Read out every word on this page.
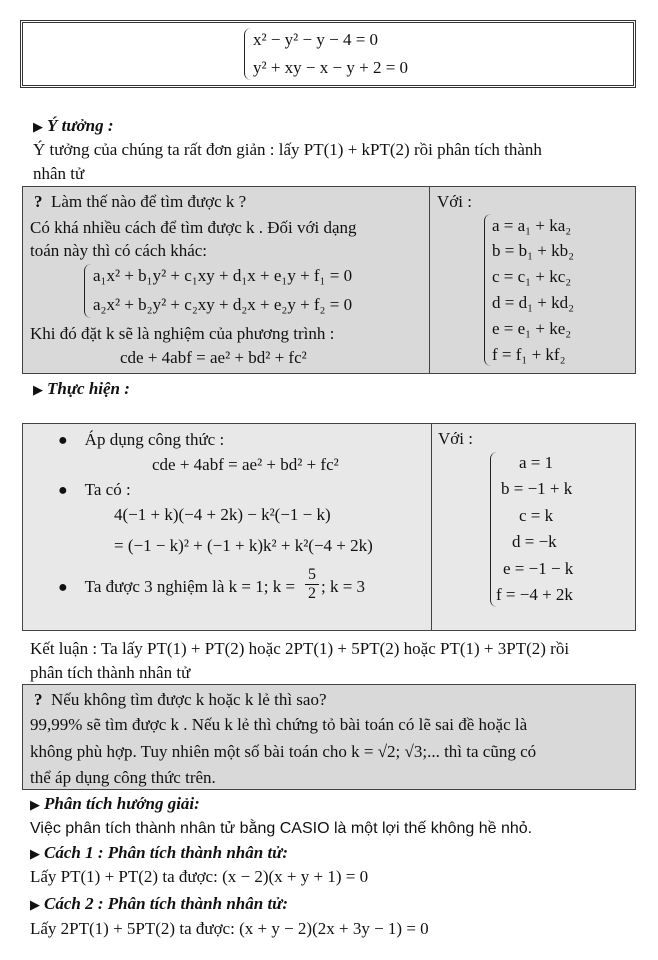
x² − y² − y − 4 = 0
y² + xy − x − y + 2 = 0
▶ Ý tưởng :
Ý tưởng của chúng ta rất đơn giản : lấy PT(1) + kPT(2) rồi phân tích thành
nhân tử
? Làm thế nào để tìm được k ?
Có khá nhiều cách để tìm được k . Đối với dạng
toán này thì có cách khác:
a₁x² + b₁y² + c₁xy + d₁x + e₁y + f₁ = 0
a₂x² + b₂y² + c₂xy + d₂x + e₂y + f₂ = 0
Khi đó đặt k sẽ là nghiệm của phương trình :
cde + 4abf = ae² + bd² + fc²
Với :
a = a₁ + ka₂
b = b₁ + kb₂
c = c₁ + kc₂
d = d₁ + kd₂
e = e₁ + ke₂
f = f₁ + kf₂
▶ Thực hiện :
● Áp dụng công thức :
cde + 4abf = ae² + bd² + fc²
● Ta có :
4(−1 + k)(−4 + 2k) − k²(−1 − k)
= (−1 − k)² + (−1 + k)k² + k²(−4 + 2k)
● Ta được 3 nghiệm là k = 1; $k = \frac{5}{2}$ ; k = 3
Với :
a = 1
b = −1 + k
c = k
d = −k
e = −1 − k
f = −4 + 2k
Kết luận : Ta lấy PT(1) + PT(2) hoặc 2PT(1) + 5PT(2) hoặc PT(1) + 3PT(2) rồi
phân tích thành nhân tử
? Nếu không tìm được k hoặc k lẻ thì sao?
99,99% sẽ tìm được k . Nếu k lẻ thì chứng tỏ bài toán có lẽ sai đề hoặc là
không phù hợp. Tuy nhiên một số bài toán cho k = √2; √3;... thì ta cũng có
thể áp dụng công thức trên.
▶ Phân tích hướng giải:
Việc phân tích thành nhân tử bằng CASIO là một lợi thế không hề nhỏ.
▶ Cách 1 : Phân tích thành nhân tử:
Lấy PT(1) + PT(2) ta được: (x − 2)(x + y + 1) = 0
▶ Cách 2 : Phân tích thành nhân tử:
Lấy 2PT(1) + 5PT(2) ta được: (x + y − 2)(2x + 3y − 1) = 0
